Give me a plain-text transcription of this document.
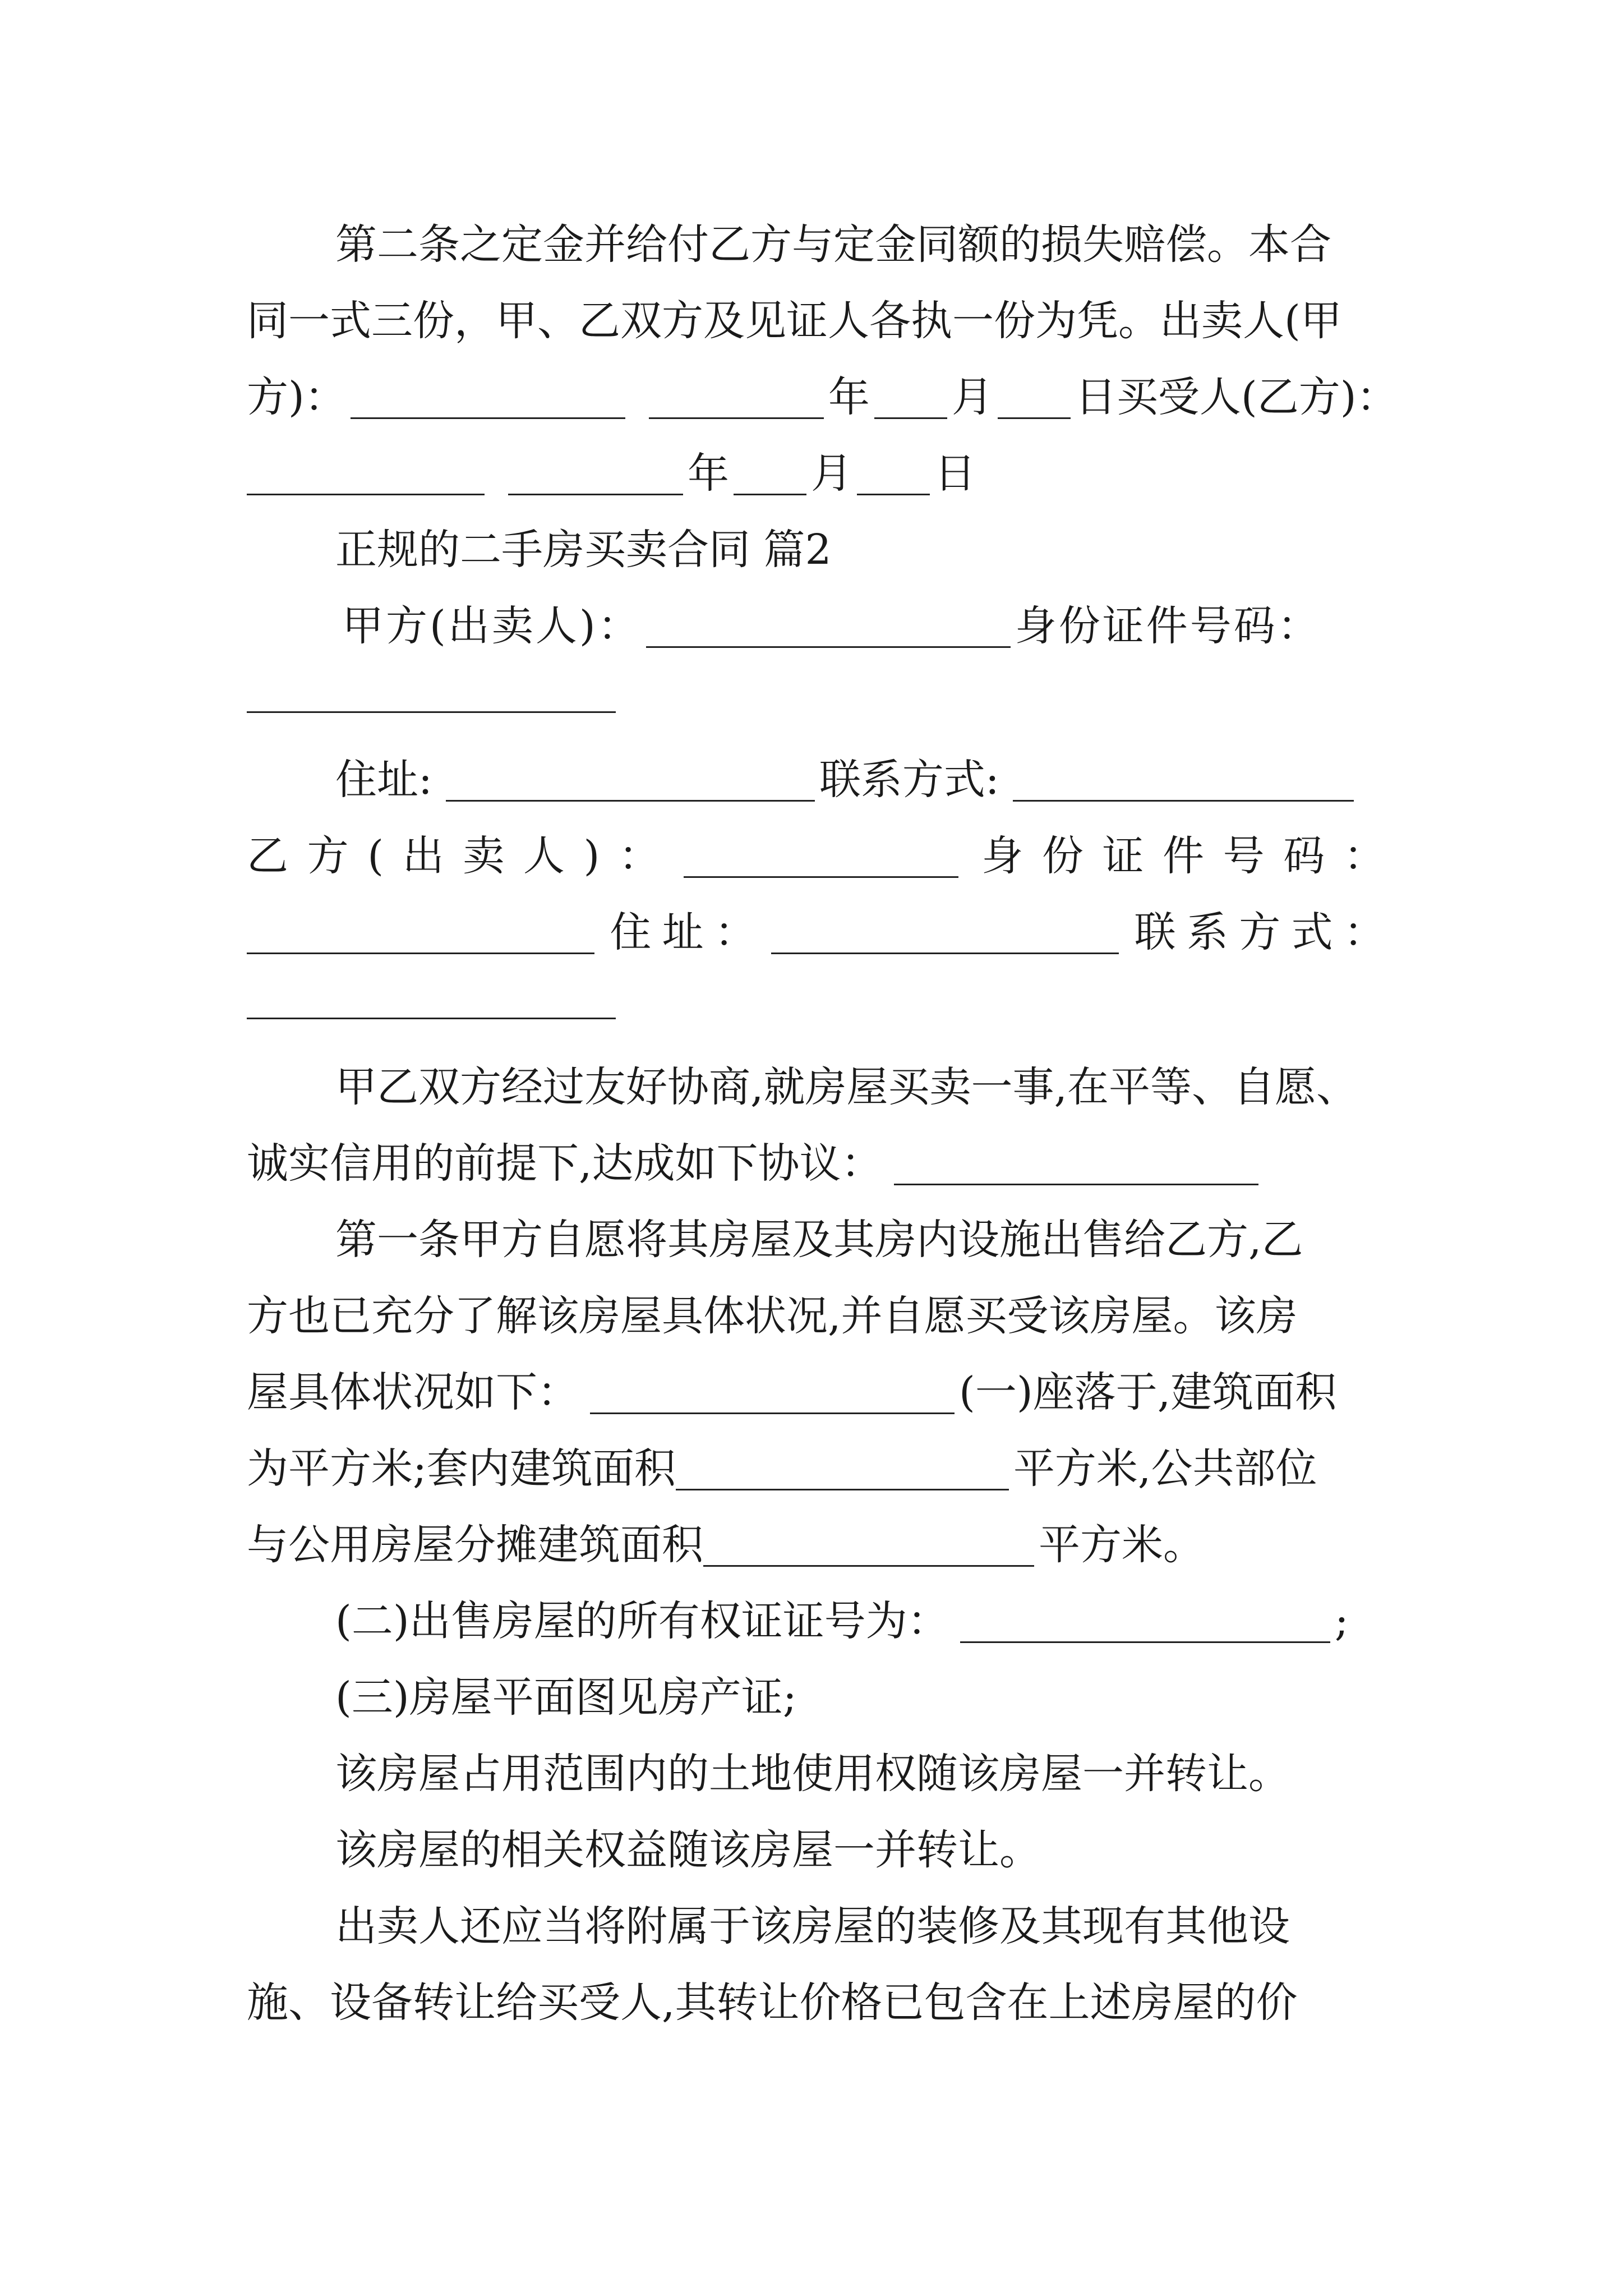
第二条之定金并给付乙方与定金同额的损失赔偿。本合
同一式三份，甲、乙双方及见证人各执一份为凭。出卖人(甲
方)：	年 月 日买受人(乙方)：
年 月 日
正规的二手房买卖合同 篇2
甲方(出卖人)：	身份证件号码：
住址:	联系方式:
乙 方 ( 出 卖 人 ) ：	身 份 证 件 号 码 ：
住 址 ：	联 系 方 式 ：
甲乙双方经过友好协商,就房屋买卖一事,在平等、自愿、
诚实信用的前提下,达成如下协议：
第一条甲方自愿将其房屋及其房内设施出售给乙方,乙
方也已充分了解该房屋具体状况,并自愿买受该房屋。该房
屋具体状况如下：	(一)座落于,建筑面积
为平方米;套内建筑面积	平方米,公共部位
与公用房屋分摊建筑面积	平方米。
(二)出售房屋的所有权证证号为：	;
(三)房屋平面图见房产证;
该房屋占用范围内的土地使用权随该房屋一并转让。
该房屋的相关权益随该房屋一并转让。
出卖人还应当将附属于该房屋的装修及其现有其他设
施、设备转让给买受人,其转让价格已包含在上述房屋的价
